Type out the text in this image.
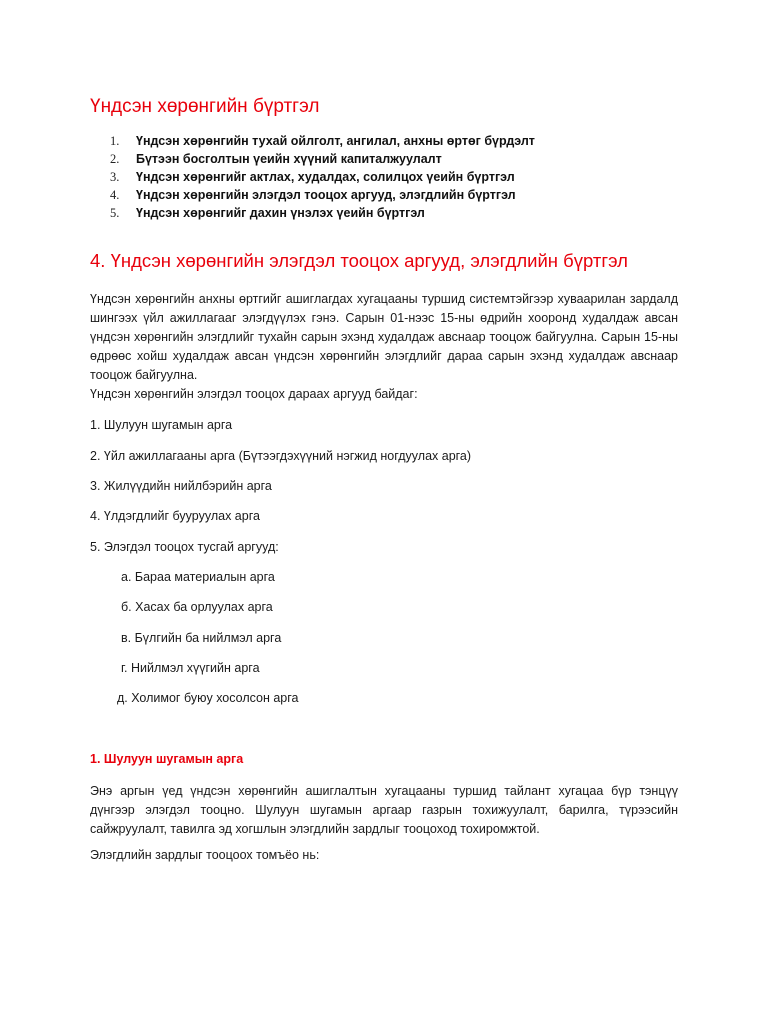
Үндсэн хөрөнгийн бүртгэл
1. Үндсэн хөрөнгийн тухай ойлголт, ангилал, анхны өртөг бүрдэлт
2. Бүтээн босголтын үеийн хүүний капиталжуулалт
3. Үндсэн хөрөнгийг актлах, худалдах, солилцох үеийн бүртгэл
4. Үндсэн хөрөнгийн элэгдэл тооцох аргууд, элэгдлийн бүртгэл
5. Үндсэн хөрөнгийг дахин үнэлэх үеийн бүртгэл
4. Үндсэн хөрөнгийн элэгдэл тооцох аргууд, элэгдлийн бүртгэл

Үндсэн хөрөнгийн анхны өртгийг ашиглагдах хугацааны туршид системтэйгээр хуваарилан зардалд шингээх үйл ажиллагааг элэгдүүлэх гэнэ. Сарын 01-нээс 15-ны өдрийн хооронд худалдаж авсан үндсэн хөрөнгийн элэгдлийг тухайн сарын эхэнд худалдаж авснаар тооцож байгуулна. Сарын 15-ны өдрөөс хойш худалдаж авсан үндсэн хөрөнгийн элэгдлийг дараа сарын эхэнд худалдаж авснаар тооцож байгуулна.

Үндсэн хөрөнгийн элэгдэл тооцох дараах аргууд байдаг:

1. Шулуун шугамын арга

2. Үйл ажиллагааны арга (Бүтээгдэхүүний нэгжид ногдуулах арга)

3. Жилүүдийн нийлбэрийн арга

4. Үлдэгдлийг бууруулах арга

5. Элэгдэл тооцох тусгай аргууд:

а. Бараа материалын арга

б. Хасах ба орлуулах арга

в. Бүлгийн ба нийлмэл арга

г. Нийлмэл хүүгийн арга

д. Холимог буюу хосолсон арга

1. Шулуун шугамын арга

Энэ аргын үед үндсэн хөрөнгийн ашиглалтын хугацааны туршид тайлант хугацаа бүр тэнцүү дүнгээр элэгдэл тооцно. Шулуун шугамын аргаар газрын тохижуулалт, барилга, түрээсийн сайжруулалт, тавилга эд хогшлын элэгдлийн зардлыг тооцоход тохиромжтой.

Элэгдлийн зардлыг тооцоох томъёо нь:
